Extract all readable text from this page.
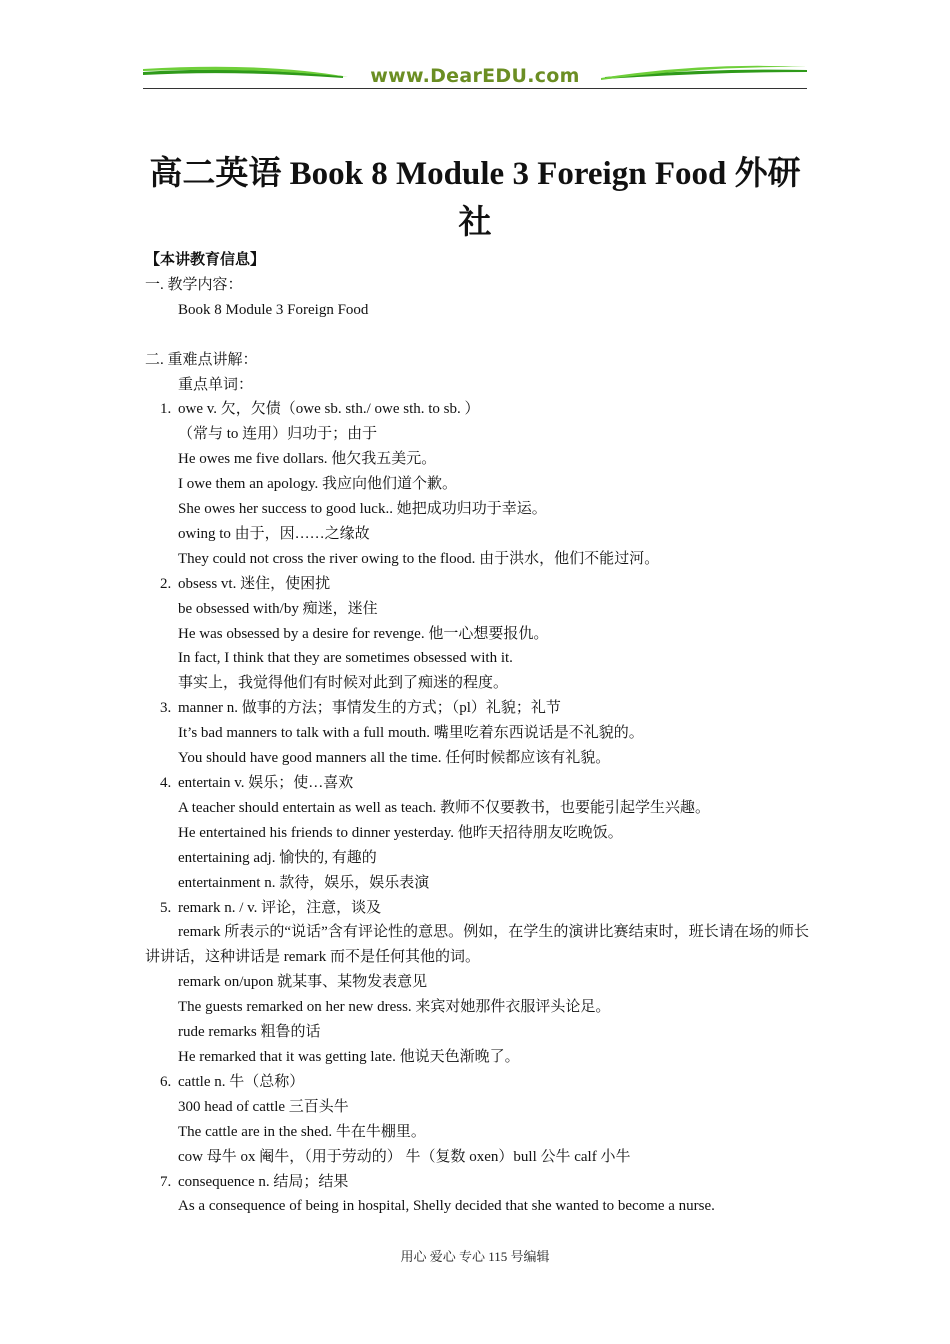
www.DearEDU.com
高二英语 Book 8 Module 3 Foreign Food 外研社
【本讲教育信息】
一. 教学内容：
Book 8 Module 3 Foreign Food
二. 重难点讲解：
重点单词：
1. owe v. 欠，欠债（owe sb. sth./ owe sth. to sb. ）
（常与 to 连用）归功于；由于
He owes me five dollars. 他欠我五美元。
I owe them an apology. 我应向他们道个歉。
She owes her success to good luck.. 她把成功归功于幸运。
owing to 由于，因……之缘故
They could not cross the river owing to the flood. 由于洪水，他们不能过河。
2. obsess vt. 迷住，使困扰
be obsessed with/by 痴迷，迷住
He was obsessed by a desire for revenge. 他一心想要报仇。
In fact, I think that they are sometimes obsessed with it.
事实上，我觉得他们有时候对此到了痴迷的程度。
3. manner n. 做事的方法；事情发生的方式；（pl）礼貌；礼节
It’s bad manners to talk with a full mouth. 嘴里吃着东西说话是不礼貌的。
You should have good manners all the time. 任何时候都应该有礼貌。
4. entertain v. 娱乐；使…喜欢
A teacher should entertain as well as teach. 教师不仅要教书，也要能引起学生兴趣。
He entertained his friends to dinner yesterday. 他昨天招待朋友吃晚饭。
entertaining adj. 愉快的, 有趣的
entertainment n. 款待，娱乐，娱乐表演
5. remark n. / v. 评论，注意，谈及
remark 所表示的“说话”含有评论性的意思。例如，在学生的演讲比赛结束时，班长请在场的师长讲讲话，这种讲话是 remark 而不是任何其他的词。
remark on/upon 就某事、某物发表意见
The guests remarked on her new dress. 来宾对她那件衣服评头论足。
rude remarks 粗鲁的话
He remarked that it was getting late. 他说天色渐晚了。
6. cattle n. 牛（总称）
300 head of cattle 三百头牛
The cattle are in the shed. 牛在牛棚里。
cow 母牛 ox 阉牛，（用于劳动的） 牛（复数 oxen）bull 公牛 calf 小牛
7. consequence n. 结局；结果
As a consequence of being in hospital, Shelly decided that she wanted to become a nurse.
用心 爱心 专心 115 号编辑
